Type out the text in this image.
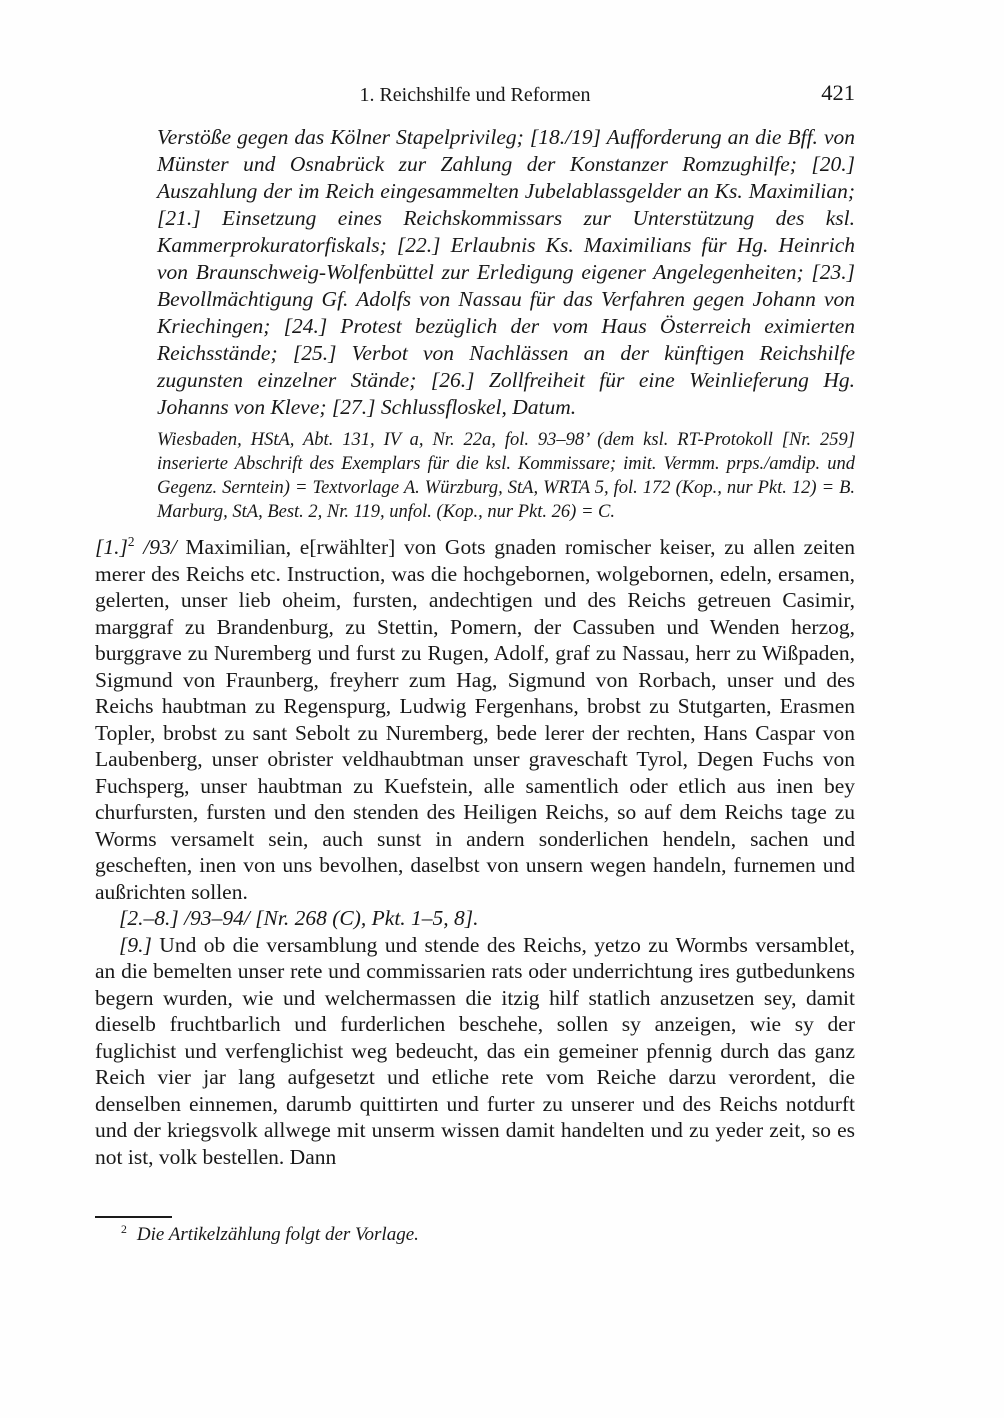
1. Reichshilfe und Reformen	421
Verstöße gegen das Kölner Stapelprivileg; [18./19] Aufforderung an die Bff. von Münster und Osnabrück zur Zahlung der Konstanzer Romzughilfe; [20.] Auszahlung der im Reich eingesammelten Jubelablassgelder an Ks. Maximilian; [21.] Einsetzung eines Reichskommissars zur Unterstützung des ksl. Kammerprokuratorfiskals; [22.] Erlaubnis Ks. Maximilians für Hg. Heinrich von Braunschweig-Wolfenbüttel zur Erledigung eigener Angelegenheiten; [23.] Bevollmächtigung Gf. Adolfs von Nassau für das Verfahren gegen Johann von Kriechingen; [24.] Protest bezüglich der vom Haus Österreich eximierten Reichsstände; [25.] Verbot von Nachlässen an der künftigen Reichshilfe zugunsten einzelner Stände; [26.] Zollfreiheit für eine Weinlieferung Hg. Johanns von Kleve; [27.] Schlussfloskel, Datum.
Wiesbaden, HStA, Abt. 131, IV a, Nr. 22a, fol. 93–98’ (dem ksl. RT-Protokoll [Nr. 259] inserierte Abschrift des Exemplars für die ksl. Kommissare; imit. Vermm. prps./amdip. und Gegenz. Serntein) = Textvorlage A. Würzburg, StA, WRTA 5, fol. 172 (Kop., nur Pkt. 12) = B. Marburg, StA, Best. 2, Nr. 119, unfol. (Kop., nur Pkt. 26) = C.

[1.]$^2$ /93/ Maximilian, e[rwählter] von Gots gnaden romischer keiser, zu allen zeiten merer des Reichs etc. Instruction, was die hochgebornen, wolgebornen, edeln, ersamen, gelerten, unser lieb oheim, fursten, andechtigen und des Reichs getreuen Casimir, marggraf zu Brandenburg, zu Stettin, Pomern, der Cassuben und Wenden herzog, burggrave zu Nuremberg und furst zu Rugen, Adolf, graf zu Nassau, herr zu Wißpaden, Sigmund von Fraunberg, freyherr zum Hag, Sigmund von Rorbach, unser und des Reichs haubtman zu Regenspurg, Ludwig Fergenhans, brobst zu Stutgarten, Erasmen Topler, brobst zu sant Sebolt zu Nuremberg, bede lerer der rechten, Hans Caspar von Laubenberg, unser obrister veldhaubtman unser graveschaft Tyrol, Degen Fuchs von Fuchsperg, unser haubtman zu Kuefstein, alle samentlich oder etlich aus inen bey churfursten, fursten und den stenden des Heiligen Reichs, so auf dem Reichs tage zu Worms versamelt sein, auch sunst in andern sonderlichen hendeln, sachen und gescheften, inen von uns bevolhen, daselbst von unsern wegen handeln, furnemen und außrichten sollen.

[2.–8.] /93–94/ [Nr. 268 (C), Pkt. 1–5, 8].

[9.] Und ob die versamblung und stende des Reichs, yetzo zu Wormbs versamblet, an die bemelten unser rete und commissarien rats oder underrichtung ires gutbedunkens begern wurden, wie und welchermassen die itzig hilf statlich anzusetzen sey, damit dieselb fruchtbarlich und furderlichen beschehe, sollen sy anzeigen, wie sy der fuglichist und verfenglichist weg bedeucht, das ein gemeiner pfennig durch das ganz Reich vier jar lang aufgesetzt und etliche rete vom Reiche darzu verordent, die denselben einnemen, darumb quittirten und furter zu unserer und des Reichs notdurft und der kriegsvolk allwege mit unserm wissen damit handelten und zu yeder zeit, so es not ist, volk bestellen. Dann

$^2$ Die Artikelzählung folgt der Vorlage.
